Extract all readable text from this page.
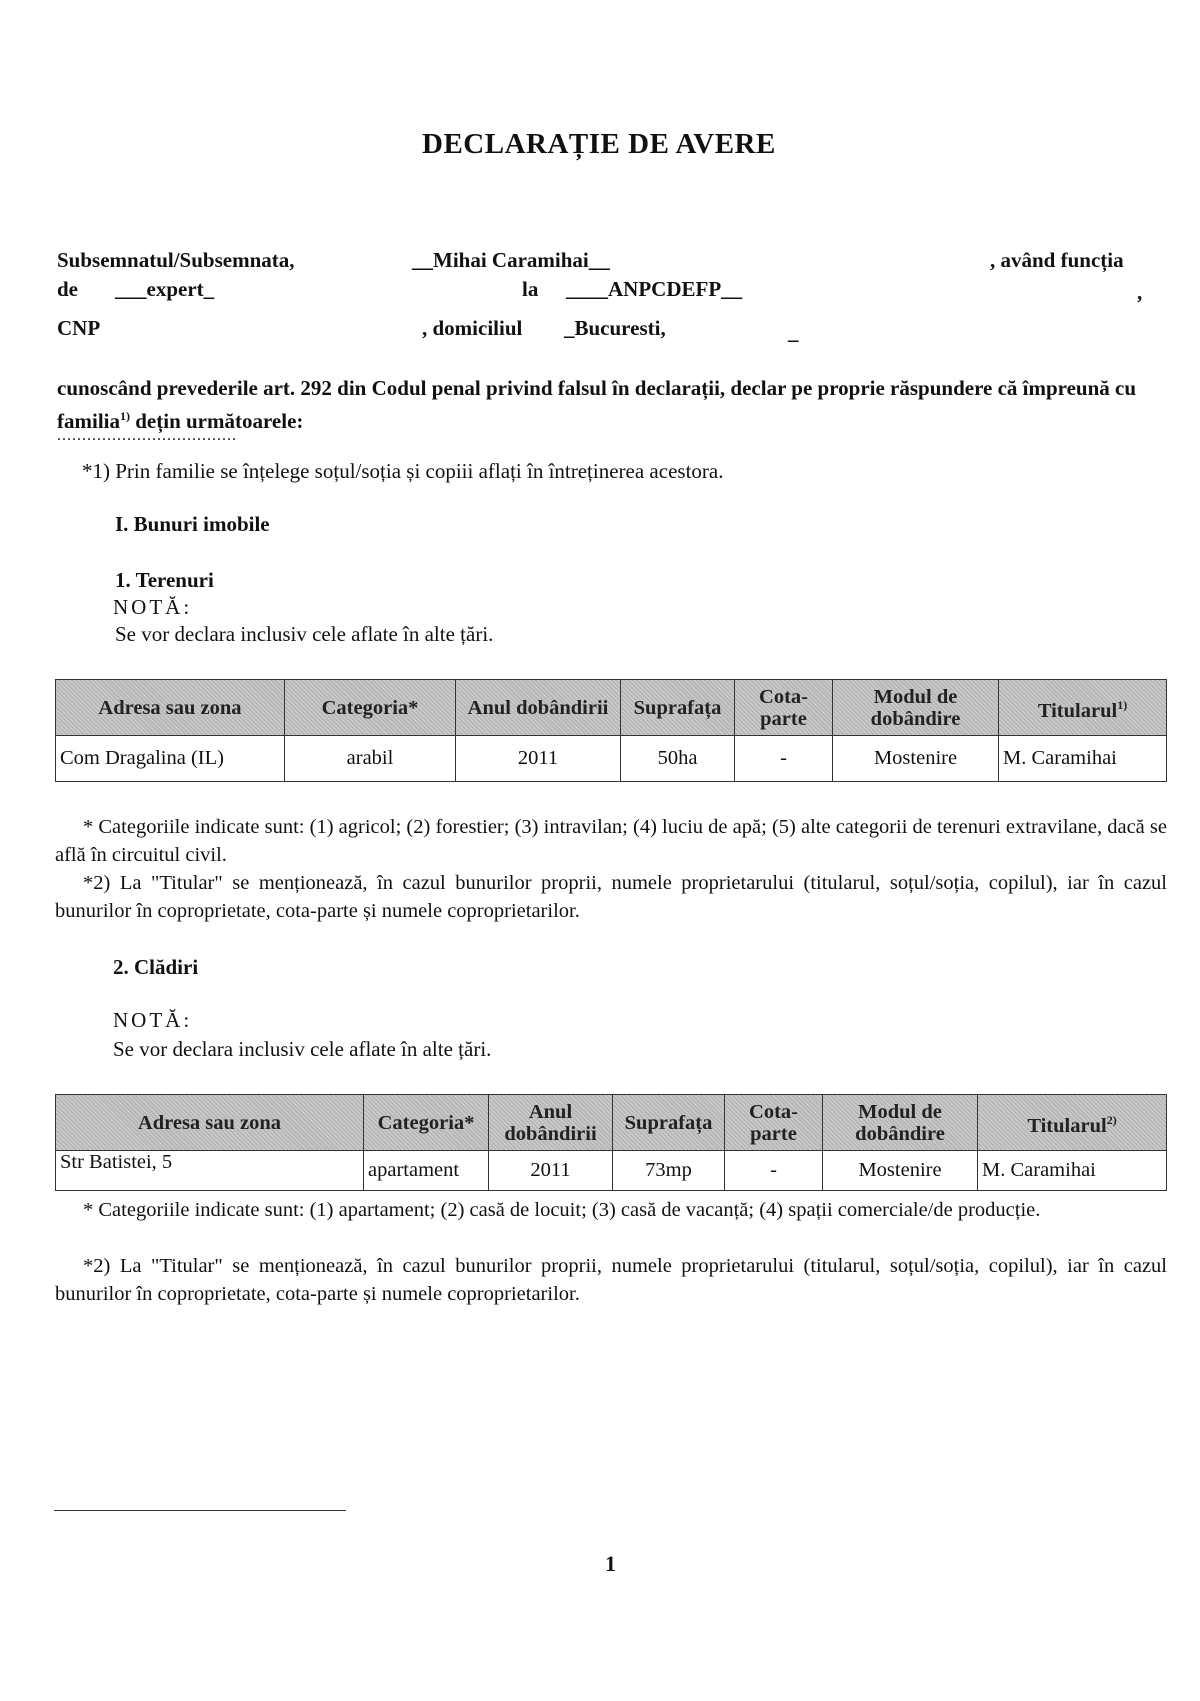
DECLARAȚIE DE AVERE
Subsemnatul/Subsemnata,	__Mihai Caramihai__	, având funcția
de ___expert_	la ____ANPCDEFP__	,
CNP	, domiciliul _Bucuresti,	_
cunoscând prevederile art. 292 din Codul penal privind falsul în declarații, declar pe proprie răspundere că împreună cu familia$^{1)}$ dețin următoarele:
....................................
*1) Prin familie se înțelege soțul/soția și copiii aflați în întreținerea acestora.
I. Bunuri imobile
1. Terenuri
NOTĂ:
Se vor declara inclusiv cele aflate în alte țări.
Adresa sau zona	Categoria*	Anul dobândirii	Suprafața	Cota-parte	Modul de dobândire	Titularul$^{1)}$
Com Dragalina (IL)	arabil	2011	50ha	-	Mostenire	M. Caramihai
* Categoriile indicate sunt: (1) agricol; (2) forestier; (3) intravilan; (4) luciu de apă; (5) alte categorii de terenuri extravilane, dacă se află în circuitul civil.
*2) La "Titular" se menționează, în cazul bunurilor proprii, numele proprietarului (titularul, soțul/soția, copilul), iar în cazul bunurilor în coproprietate, cota-parte și numele coproprietarilor.
2. Clădiri
NOTĂ:
Se vor declara inclusiv cele aflate în alte țări.
Adresa sau zona	Categoria*	Anul dobândirii	Suprafața	Cota-parte	Modul de dobândire	Titularul$^{2)}$
Str Batistei, 5	apartament	2011	73mp	-	Mostenire	M. Caramihai
* Categoriile indicate sunt: (1) apartament; (2) casă de locuit; (3) casă de vacanță; (4) spații comerciale/de producție.
*2) La "Titular" se menționează, în cazul bunurilor proprii, numele proprietarului (titularul, soțul/soția, copilul), iar în cazul bunurilor în coproprietate, cota-parte și numele coproprietarilor.
1
